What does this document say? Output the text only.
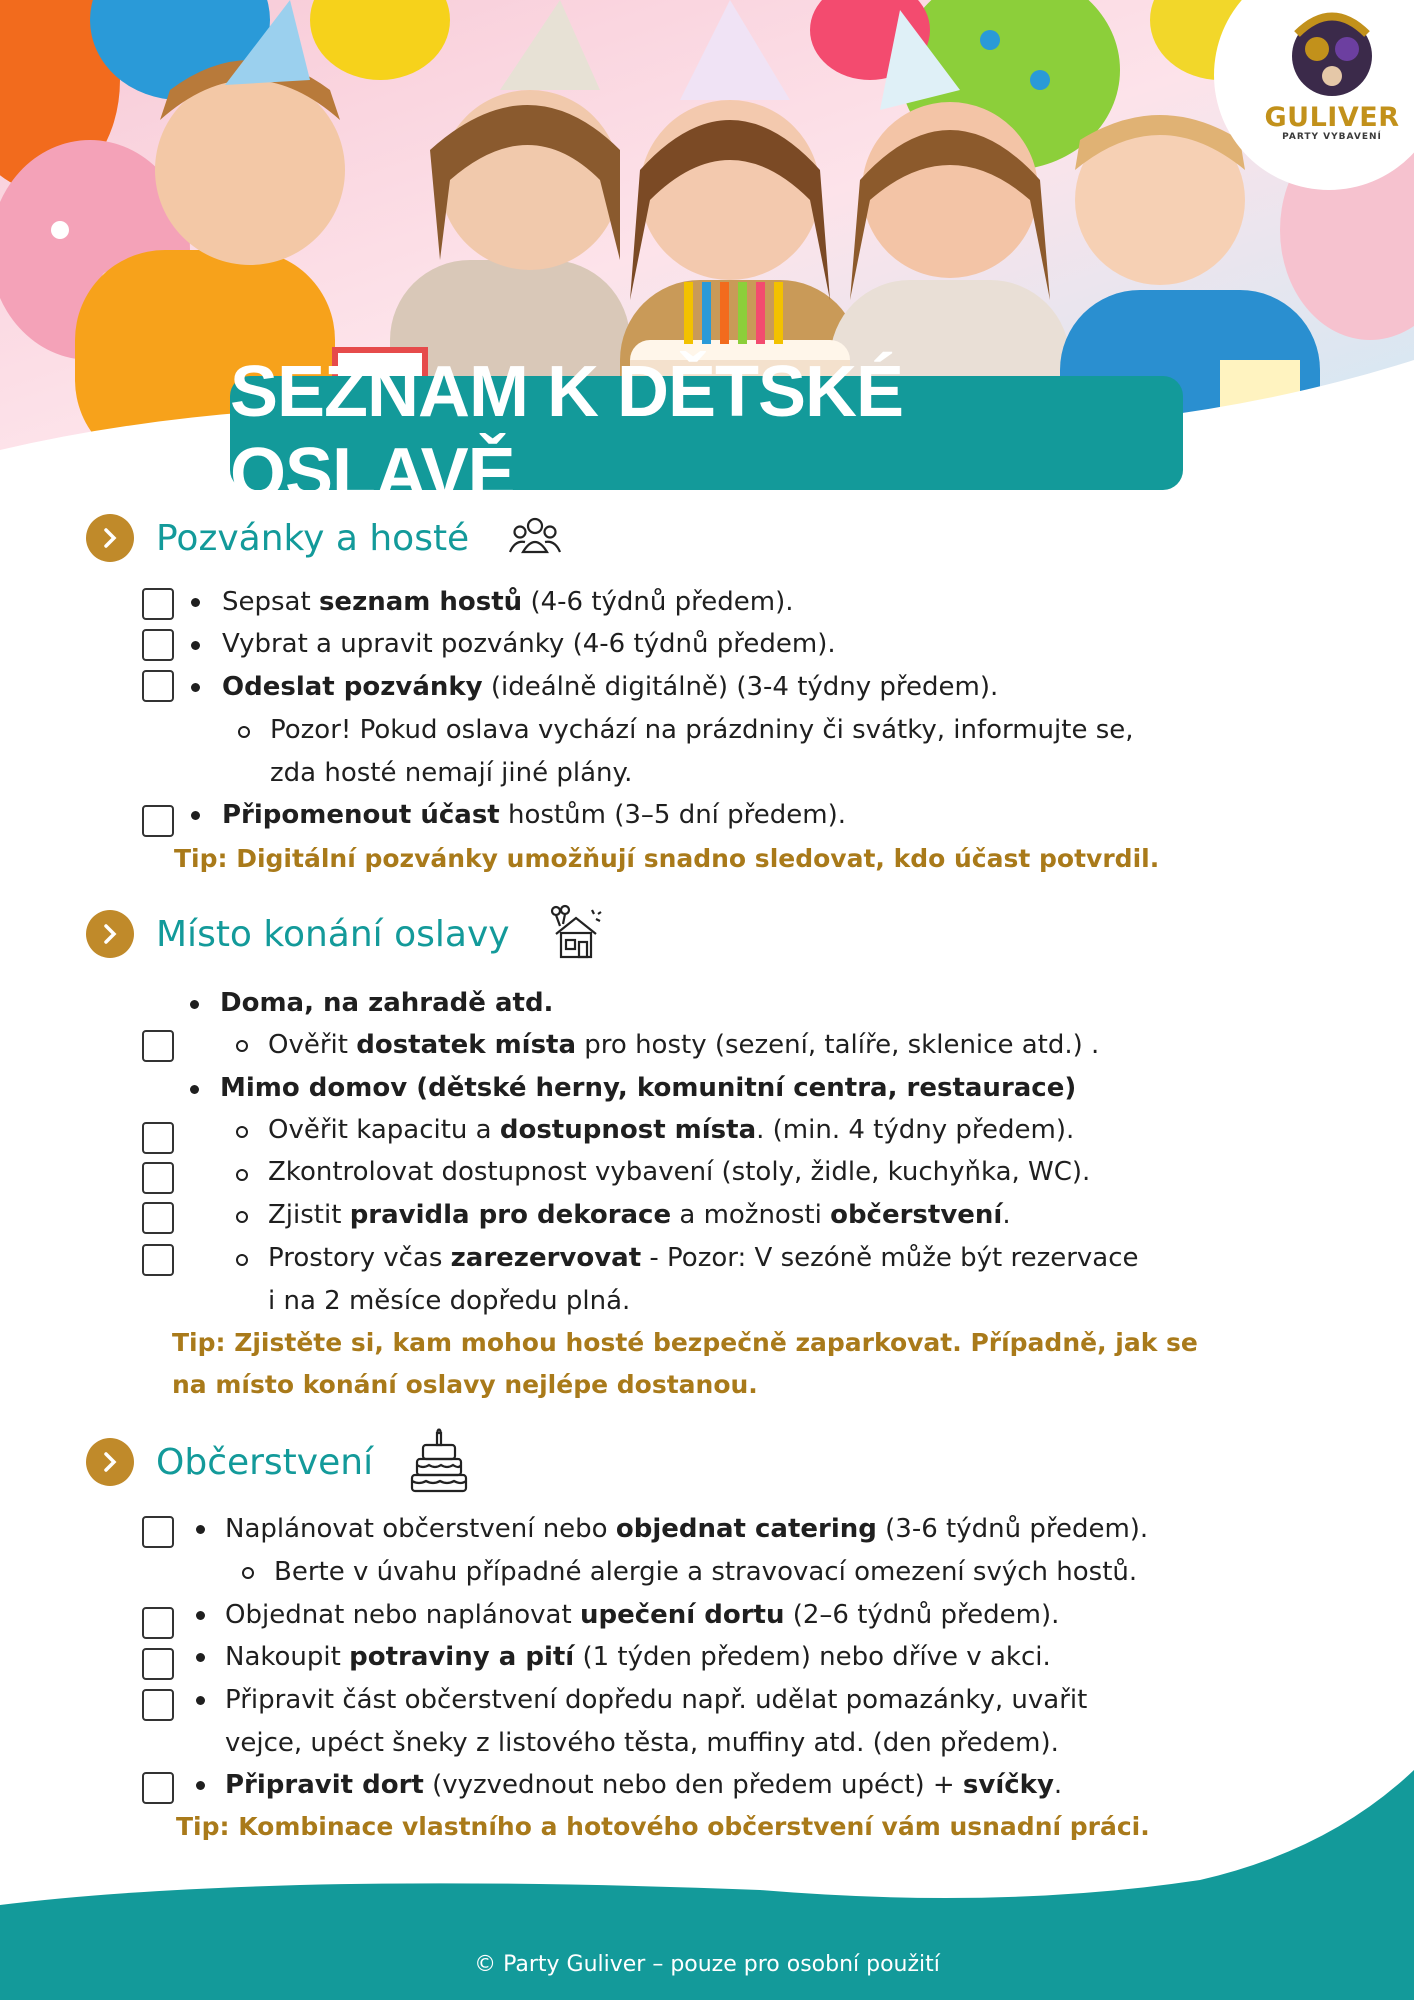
GULIVER
PARTY VYBAVENÍ
SEZNAM K DĚTSKÉ OSLAVĚ
Pozvánky a hosté
Sepsat seznam hostů (4-6 týdnů předem).
Vybrat a upravit pozvánky (4-6 týdnů předem).
Odeslat pozvánky (ideálně digitálně) (3-4 týdny předem).
Pozor! Pokud oslava vychází na prázdniny či svátky, informujte se,
zda hosté nemají jiné plány.
Připomenout účast hostům (3–5 dní předem).
Tip: Digitální pozvánky umožňují snadno sledovat, kdo účast potvrdil.
Místo konání oslavy
Doma, na zahradě atd.
Ověřit dostatek místa pro hosty (sezení, talíře, sklenice atd.) .
Mimo domov (dětské herny, komunitní centra, restaurace)
Ověřit kapacitu a dostupnost místa. (min. 4 týdny předem).
Zkontrolovat dostupnost vybavení (stoly, židle, kuchyňka, WC).
Zjistit pravidla pro dekorace a možnosti občerstvení.
Prostory včas zarezervovat - Pozor: V sezóně může být rezervace
i na 2 měsíce dopředu plná.
Tip: Zjistěte si, kam mohou hosté bezpečně zaparkovat. Případně, jak se
na místo konání oslavy nejlépe dostanou.
Občerstvení
Naplánovat občerstvení nebo objednat catering (3-6 týdnů předem).
Berte v úvahu případné alergie a stravovací omezení svých hostů.
Objednat nebo naplánovat upečení dortu (2–6 týdnů předem).
Nakoupit potraviny a pití (1 týden předem) nebo dříve v akci.
Připravit část občerstvení dopředu např. udělat pomazánky, uvařit
vejce, upéct šneky z listového těsta, muffiny atd. (den předem).
Připravit dort (vyzvednout nebo den předem upéct) + svíčky.
Tip: Kombinace vlastního a hotového občerstvení vám usnadní práci.
© Party Guliver – pouze pro osobní použití
